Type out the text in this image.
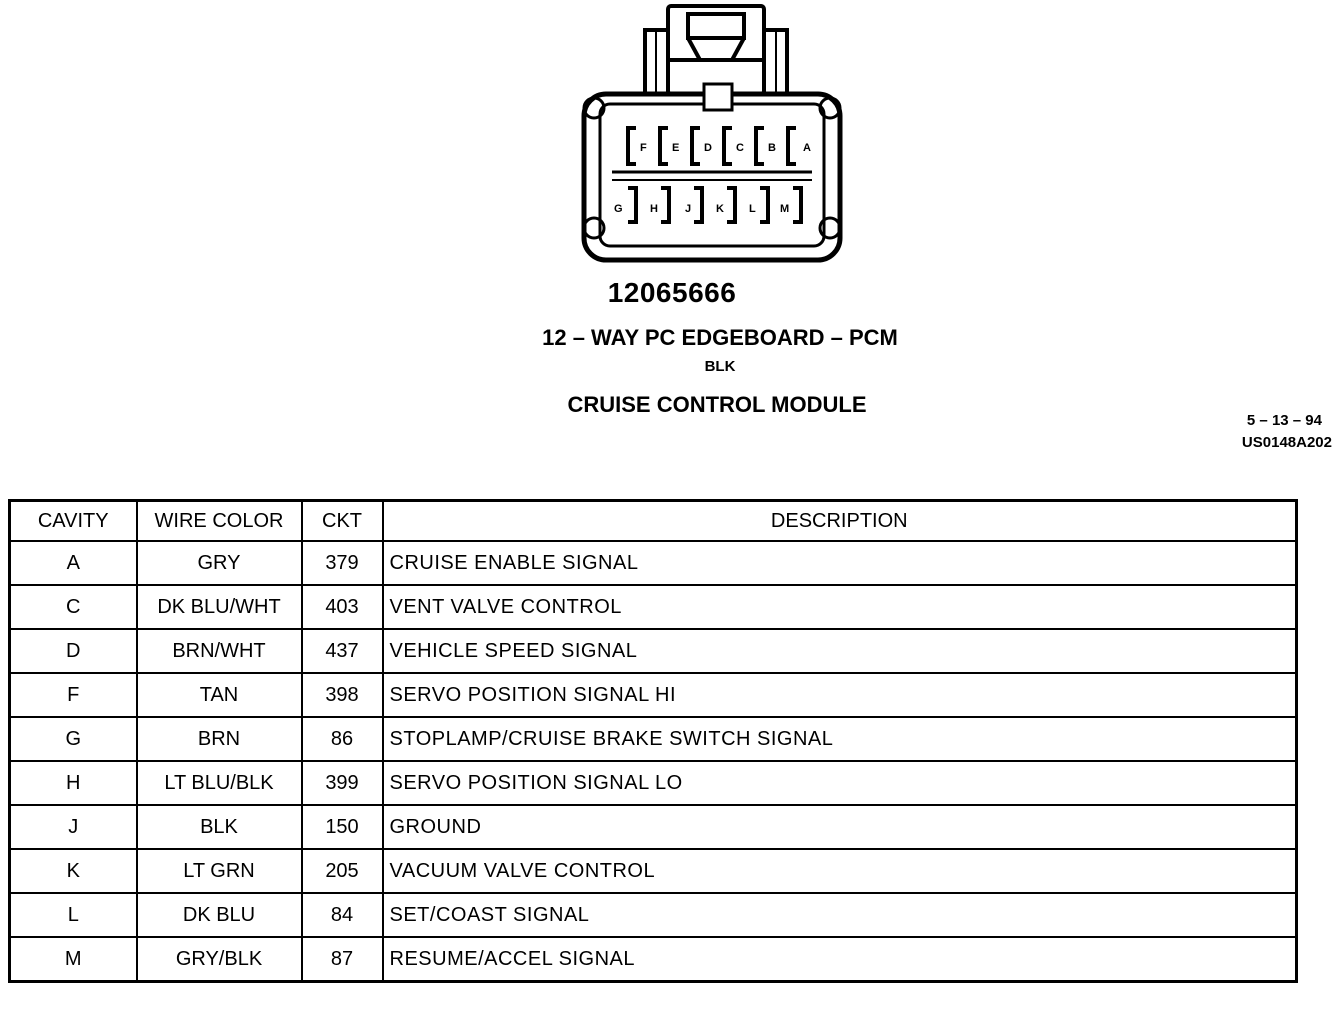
F E D C B A
G H J K L M
12065666
12 – WAY PC EDGEBOARD – PCM
BLK
CRUISE CONTROL MODULE
5 – 13 – 94
US0148A202
CAVITY	WIRE COLOR	CKT	DESCRIPTION
A	GRY	379	CRUISE ENABLE SIGNAL
C	DK BLU/WHT	403	VENT VALVE CONTROL
D	BRN/WHT	437	VEHICLE SPEED SIGNAL
F	TAN	398	SERVO POSITION SIGNAL HI
G	BRN	86	STOPLAMP/CRUISE BRAKE SWITCH SIGNAL
H	LT BLU/BLK	399	SERVO POSITION SIGNAL LO
J	BLK	150	GROUND
K	LT GRN	205	VACUUM VALVE CONTROL
L	DK BLU	84	SET/COAST SIGNAL
M	GRY/BLK	87	RESUME/ACCEL SIGNAL
